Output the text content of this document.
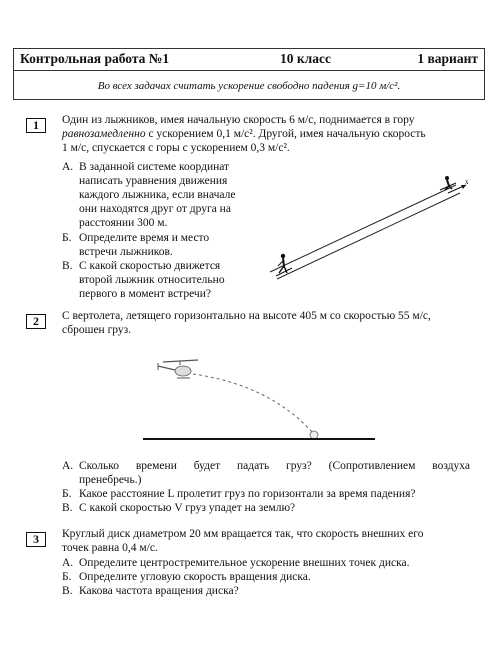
Контрольная работа №1	10 класс	1 вариант
Во всех задачах считать ускорение свободно падения g=10 м/с².
1	Один из лыжников, имея начальную скорость 6 м/с, поднимается в гору
равнозамедленно с ускорением 0,1 м/с². Другой, имея начальную скорость
1 м/с, спускается с горы с ускорением 0,3 м/с².
А. В заданной системе координат
написать уравнения движения
каждого лыжника, если вначале
они находятся друг от друга на
расстоянии 300 м.
Б. Определите время и место
встречи лыжников.
В. С какой скоростью движется
второй лыжник относительно
первого в момент встречи?
x
2	С вертолета, летящего горизонтально на высоте 405 м со скоростью 55 м/с,
сброшен груз.
А. Сколько времени будет падать груз? (Сопротивлением воздуха
пренебречь.)
Б. Какое расстояние L пролетит груз по горизонтали за время падения?
В. С какой скоростью V груз упадет на землю?
3	Круглый диск диаметром 20 мм вращается так, что скорость внешних его
точек равна 0,4 м/с.
А. Определите центростремительное ускорение внешних точек диска.
Б. Определите угловую скорость вращения диска.
В. Какова частота вращения диска?
